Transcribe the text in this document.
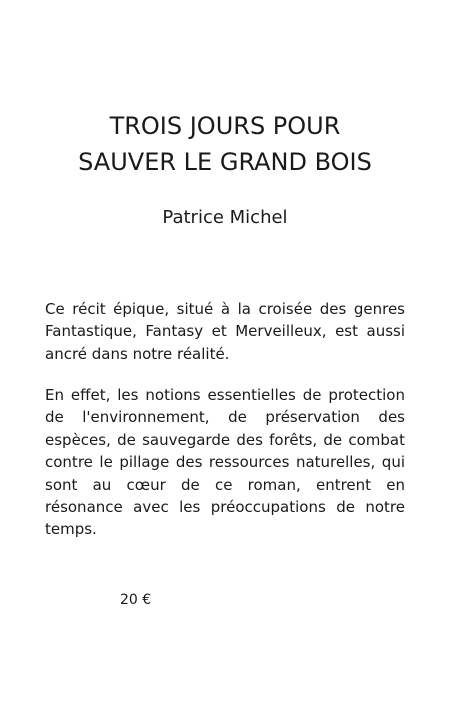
TROIS JOURS POUR
SAUVER LE GRAND BOIS
Patrice Michel

Ce récit épique, situé à la croisée des genres Fantastique, Fantasy et Merveilleux, est aussi ancré dans notre réalité.

En effet, les notions essentielles de protection de l'environnement, de préservation des espèces, de sauvegarde des forêts, de combat contre le pillage des ressources naturelles, qui sont au cœur de ce roman, entrent en résonance avec les préoccupations de notre temps.

20 €
